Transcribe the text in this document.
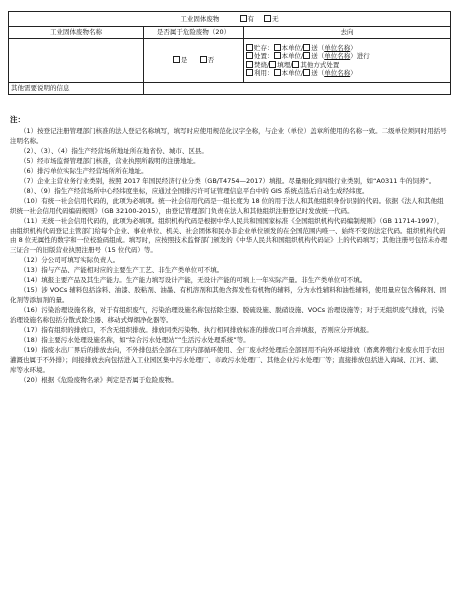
工业固体废物 有 无		
工业固体废物名称	是否属于危险废物（20）	去向
	是 否	贮存： 本单位/ 送（单位名称）
处置： 本单位/ 送（单位名称）进行
焚烧/ 填埋/ 其他方式处置
利用： 本单位/ 送（单位名称）

其他需要说明的信息		
注：

（1）按登记注册管理部门核准的法人登记名称填写，填写时应使用规范化汉字全称，与企业（单位）盖章所使用的名称一致。二级单位须同时用括号注明名称。

（2）、（3）、（4）指生产经营场所地址所在地省份、城市、区县。

（5）经市场监督管理部门核准，营业执照所载明的注册地址。

（6）排污单位实际生产经营场所所在地址。

（7）企业主营业务行业类别，按照 2017 年国民经济行业分类（GB/T4754—2017）填报。尽量细化到四级行业类别，如“A0311 牛的饲养”。

（8）、（9）指生产经营场所中心经纬度坐标，应通过全国排污许可证管理信息平台中的 GIS 系统点选后自动生成经纬度。

（10）有统一社会信用代码的，此项为必填项。统一社会信用代码是一组长度为 18 位的用于法人和其他组织身份识别的代码。依据《法人和其他组织统一社会信用代码编码规则》（GB 32100-2015），由登记管理部门负责在法人和其他组织注册登记时发放统一代码。

（11）无统一社会信用代码的，此项为必填项。组织机构代码是根据中华人民共和国国家标准《全国组织机构代码编制规则》（GB 11714-1997），由组织机构代码登记主管部门给每个企业、事业单位、机关、社会团体和民办非企业单位颁发的在全国范围内唯一、始终不变的法定代码。组织机构代码由 8 位无属性的数字和一位校验码组成。填写时，应按照技术监督部门颁发的《中华人民共和国组织机构代码证》上的代码填写；其他注册号包括未办理三证合一的旧版营业执照注册号（15 位代码）等。

（12）分公司可填写实际负责人。

（13）指与产品、产能相对应的主要生产工艺、非生产类单位可不填。

（14）填报主要产品及其生产能力。生产能力填写设计产能，无设计产能的可填上一年实际产量。非生产类单位可不填。

（15）涉 VOCs 辅料包括涂料、油漆、胶粘剂、油墨、有机溶剂和其他含挥发性有机物的辅料，分为水性辅料和油性辅料，使用量应包含稀释剂、固化剂等添加剂的量。

（16）污染治理设施名称，对于有组织废气，污染治理设施名称包括除尘器、脱硫设施、脱硝设施、VOCs 治理设施等；对于无组织废气排放，污染治理设施名称包括分散式除尘器、移动式焊烟净化器等。

（17）指有组织的排放口，不含无组织排放。排放同类污染物、执行相同排放标准的排放口可合并填报，否则应分开填报。

（18）指主要污水处理设施名称，如“综合污水处理站”“生活污水处理系统”等。

（19）指废水出厂界后的排放去向，不外排包括全部在工序内部循环使用、全厂废水经处理后全部回用不向外环境排放（畜禽养殖行业废水用于农田灌溉也属于不外排）；间接排放去向包括进入工业园区集中污水处理厂、市政污水处理厂、其他企业污水处理厂等；直接排放包括进入海域、江河、湖、库等水环境。

（20）根据《危险废物名录》判定是否属于危险废物。
